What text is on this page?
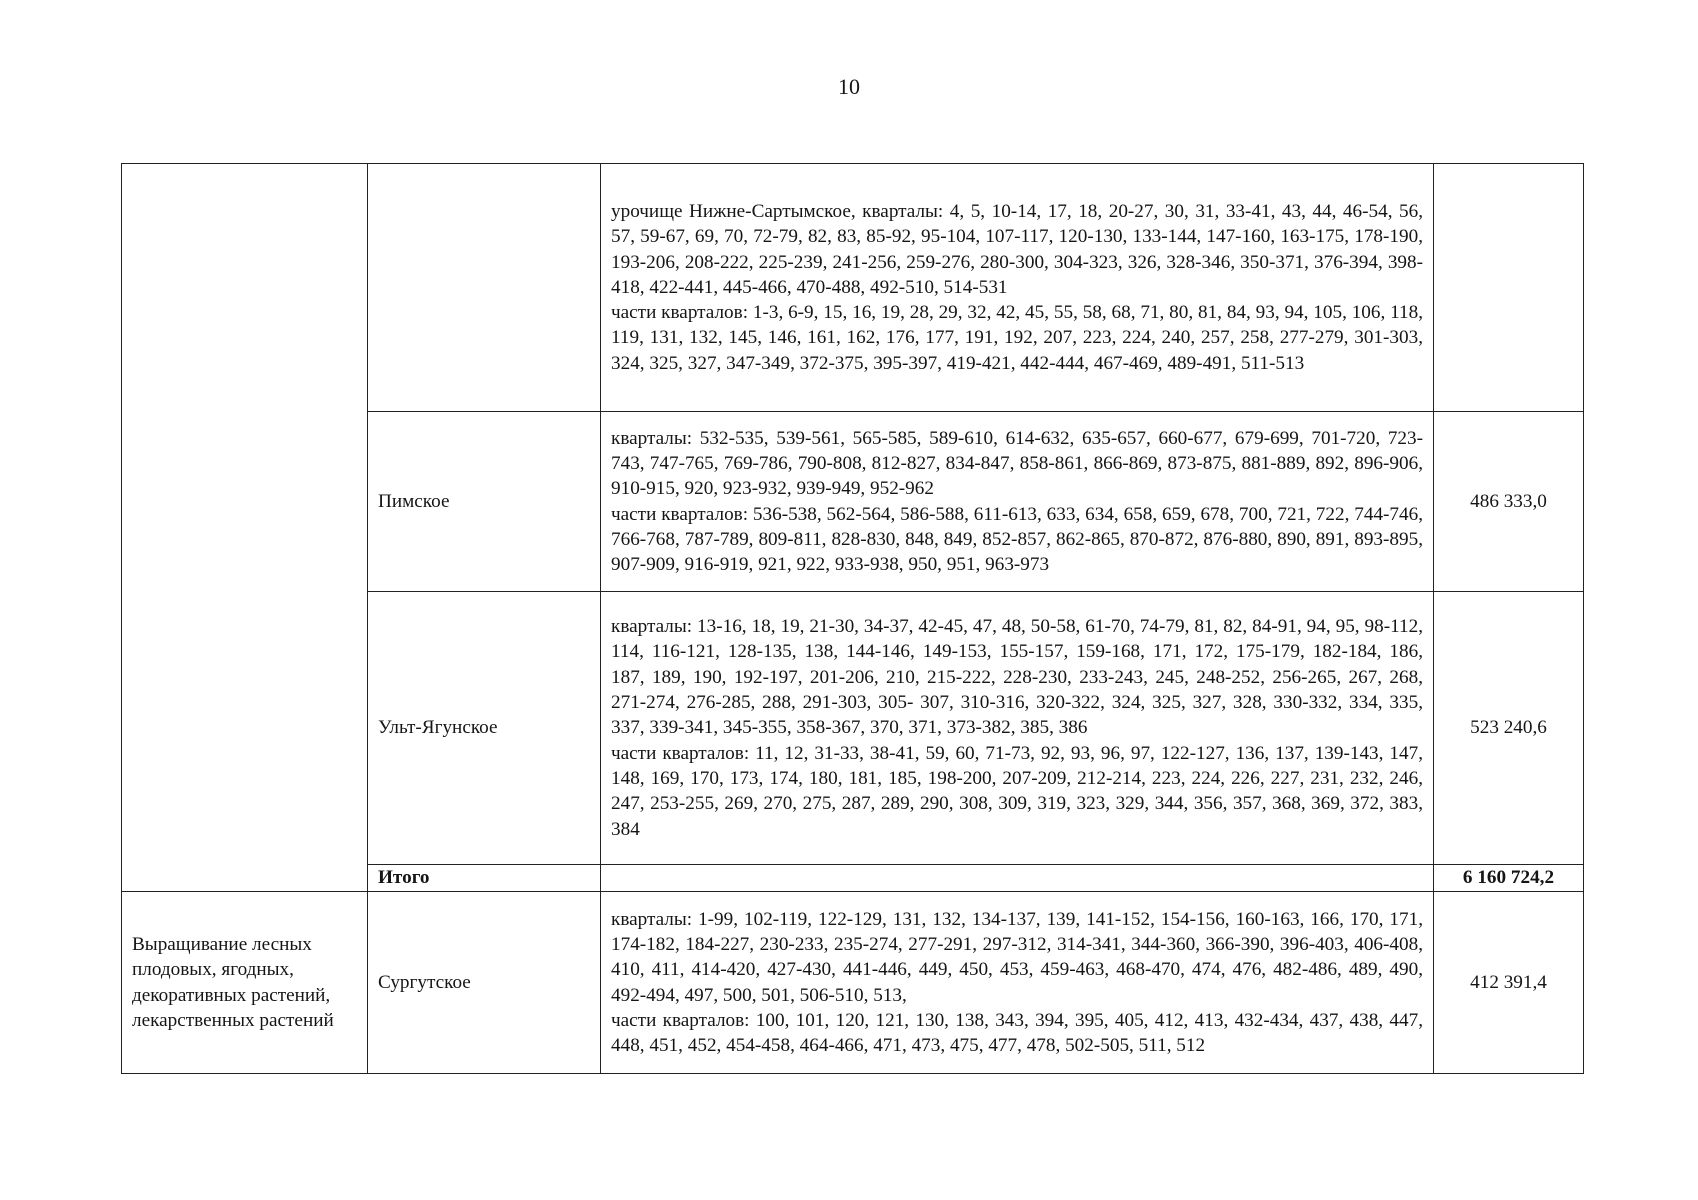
10

		урочище Нижне-Сартымское, кварталы: 4, 5, 10-14, 17, 18, 20-27, 30, 31, 33-41, 43, 44, 46-54, 56, 57, 59-67, 69, 70, 72-79, 82, 83, 85-92, 95-104, 107-117, 120-130, 133-144, 147-160, 163-175, 178-190, 193-206, 208-222, 225-239, 241-256, 259-276, 280-300, 304-323, 326, 328-346, 350-371, 376-394, 398-418, 422-441, 445-466, 470-488, 492-510, 514-531

части кварталов: 1-3, 6-9, 15, 16, 19, 28, 29, 32, 42, 45, 55, 58, 68, 71, 80, 81, 84, 93, 94, 105, 106, 118, 119, 131, 132, 145, 146, 161, 162, 176, 177, 191, 192, 207, 223, 224, 240, 257, 258, 277-279, 301-303, 324, 325, 327, 347-349, 372-375, 395-397, 419-421, 442-444, 467-469, 489-491, 511-513	

	Пимское	кварталы: 532-535, 539-561, 565-585, 589-610, 614-632, 635-657, 660-677, 679-699, 701-720, 723-743, 747-765, 769-786, 790-808, 812-827, 834-847, 858-861, 866-869, 873-875, 881-889, 892, 896-906, 910-915, 920, 923-932, 939-949, 952-962

части кварталов: 536-538, 562-564, 586-588, 611-613, 633, 634, 658, 659, 678, 700, 721, 722, 744-746, 766-768, 787-789, 809-811, 828-830, 848, 849, 852-857, 862-865, 870-872, 876-880, 890, 891, 893-895, 907-909, 916-919, 921, 922, 933-938, 950, 951, 963-973	486 333,0
	Ульт-Ягунское	кварталы: 13-16, 18, 19, 21-30, 34-37, 42-45, 47, 48, 50-58, 61-70, 74-79, 81, 82, 84-91, 94, 95, 98-112, 114, 116-121, 128-135, 138, 144-146, 149-153, 155-157, 159-168, 171, 172, 175-179, 182-184, 186, 187, 189, 190, 192-197, 201-206, 210, 215-222, 228-230, 233-243, 245, 248-252, 256-265, 267, 268, 271-274, 276-285, 288, 291-303, 305- 307, 310-316, 320-322, 324, 325, 327, 328, 330-332, 334, 335, 337, 339-341, 345-355, 358-367, 370, 371, 373-382, 385, 386

части кварталов: 11, 12, 31-33, 38-41, 59, 60, 71-73, 92, 93, 96, 97, 122-127, 136, 137, 139-143, 147, 148, 169, 170, 173, 174, 180, 181, 185, 198-200, 207-209, 212-214, 223, 224, 226, 227, 231, 232, 246, 247, 253-255, 269, 270, 275, 287, 289, 290, 308, 309, 319, 323, 329, 344, 356, 357, 368, 369, 372, 383, 384	523 240,6
	Итого		6 160 724,2
Выращивание лесных плодовых, ягодных, декоративных растений, лекарственных растений	Сургутское	кварталы: 1-99, 102-119, 122-129, 131, 132, 134-137, 139, 141-152, 154-156, 160-163, 166, 170, 171, 174-182, 184-227, 230-233, 235-274, 277-291, 297-312, 314-341, 344-360, 366-390, 396-403, 406-408, 410, 411, 414-420, 427-430, 441-446, 449, 450, 453, 459-463, 468-470, 474, 476, 482-486, 489, 490, 492-494, 497, 500, 501, 506-510, 513,

части кварталов: 100, 101, 120, 121, 130, 138, 343, 394, 395, 405, 412, 413, 432-434, 437, 438, 447, 448, 451, 452, 454-458, 464-466, 471, 473, 475, 477, 478, 502-505, 511, 512	412 391,4
